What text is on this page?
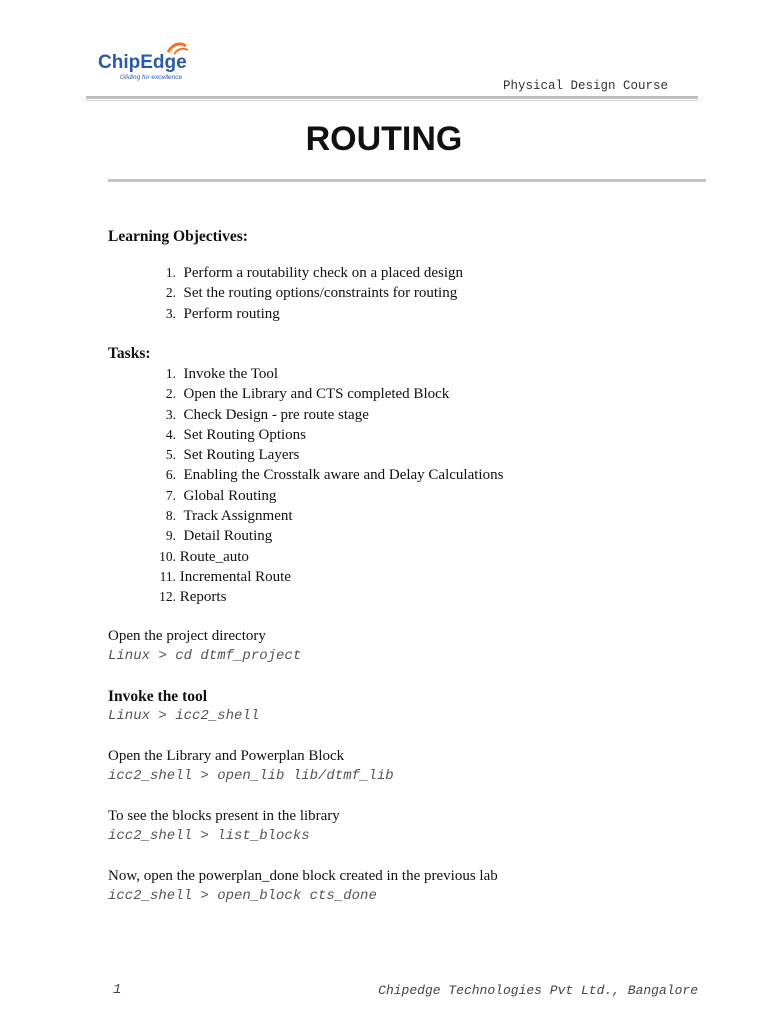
ChipEdge
Gliding for excellence
Physical Design Course
ROUTING
Learning Objectives:
1. Perform a routability check on a placed design
2. Set the routing options/constraints for routing
3. Perform routing
Tasks:
1. Invoke the Tool
2. Open the Library and CTS completed Block
3. Check Design - pre route stage
4. Set Routing Options
5. Set Routing Layers
6. Enabling the Crosstalk aware and Delay Calculations
7. Global Routing
8. Track Assignment
9. Detail Routing
10. Route_auto
11. Incremental Route
12. Reports
Open the project directory
Linux > cd dtmf_project
Invoke the tool
Linux > icc2_shell
Open the Library and Powerplan Block
icc2_shell > open_lib lib/dtmf_lib
To see the blocks present in the library
icc2_shell > list_blocks
Now, open the powerplan_done block created in the previous lab
icc2_shell > open_block cts_done
1	Chipedge Technologies Pvt Ltd., Bangalore
